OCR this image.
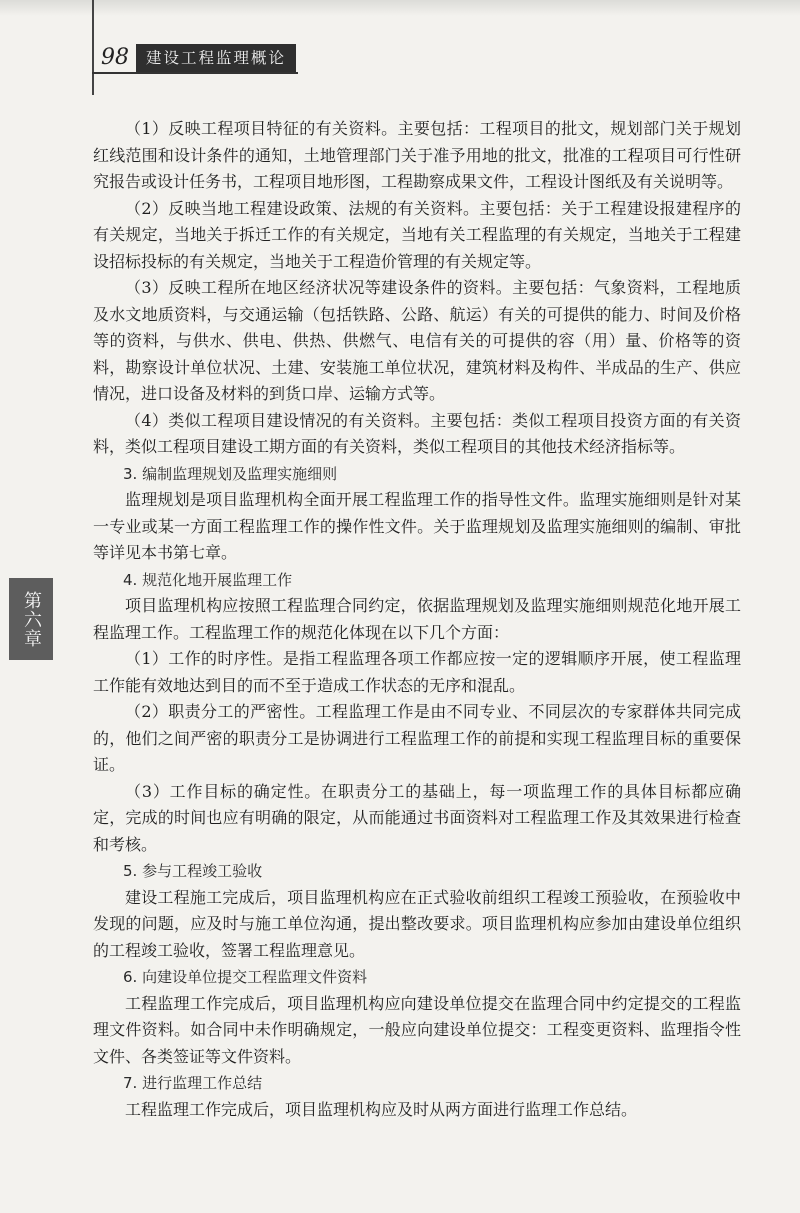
98	建设工程监理概论
第六章

（1）反映工程项目特征的有关资料。主要包括：工程项目的批文，规划部门关于规划红线范围和设计条件的通知，土地管理部门关于准予用地的批文，批准的工程项目可行性研究报告或设计任务书，工程项目地形图，工程勘察成果文件，工程设计图纸及有关说明等。

（2）反映当地工程建设政策、法规的有关资料。主要包括：关于工程建设报建程序的有关规定，当地关于拆迁工作的有关规定，当地有关工程监理的有关规定，当地关于工程建设招标投标的有关规定，当地关于工程造价管理的有关规定等。

（3）反映工程所在地区经济状况等建设条件的资料。主要包括：气象资料，工程地质及水文地质资料，与交通运输（包括铁路、公路、航运）有关的可提供的能力、时间及价格等的资料，与供水、供电、供热、供燃气、电信有关的可提供的容（用）量、价格等的资料，勘察设计单位状况、土建、安装施工单位状况，建筑材料及构件、半成品的生产、供应情况，进口设备及材料的到货口岸、运输方式等。

（4）类似工程项目建设情况的有关资料。主要包括：类似工程项目投资方面的有关资料，类似工程项目建设工期方面的有关资料，类似工程项目的其他技术经济指标等。

3. 编制监理规划及监理实施细则

监理规划是项目监理机构全面开展工程监理工作的指导性文件。监理实施细则是针对某一专业或某一方面工程监理工作的操作性文件。关于监理规划及监理实施细则的编制、审批等详见本书第七章。

4. 规范化地开展监理工作

项目监理机构应按照工程监理合同约定，依据监理规划及监理实施细则规范化地开展工程监理工作。工程监理工作的规范化体现在以下几个方面：

（1）工作的时序性。是指工程监理各项工作都应按一定的逻辑顺序开展，使工程监理工作能有效地达到目的而不至于造成工作状态的无序和混乱。

（2）职责分工的严密性。工程监理工作是由不同专业、不同层次的专家群体共同完成的，他们之间严密的职责分工是协调进行工程监理工作的前提和实现工程监理目标的重要保证。

（3）工作目标的确定性。在职责分工的基础上，每一项监理工作的具体目标都应确定，完成的时间也应有明确的限定，从而能通过书面资料对工程监理工作及其效果进行检查和考核。

5. 参与工程竣工验收

建设工程施工完成后，项目监理机构应在正式验收前组织工程竣工预验收，在预验收中发现的问题，应及时与施工单位沟通，提出整改要求。项目监理机构应参加由建设单位组织的工程竣工验收，签署工程监理意见。

6. 向建设单位提交工程监理文件资料

工程监理工作完成后，项目监理机构应向建设单位提交在监理合同中约定提交的工程监理文件资料。如合同中未作明确规定，一般应向建设单位提交：工程变更资料、监理指令性文件、各类签证等文件资料。

7. 进行监理工作总结

工程监理工作完成后，项目监理机构应及时从两方面进行监理工作总结。
